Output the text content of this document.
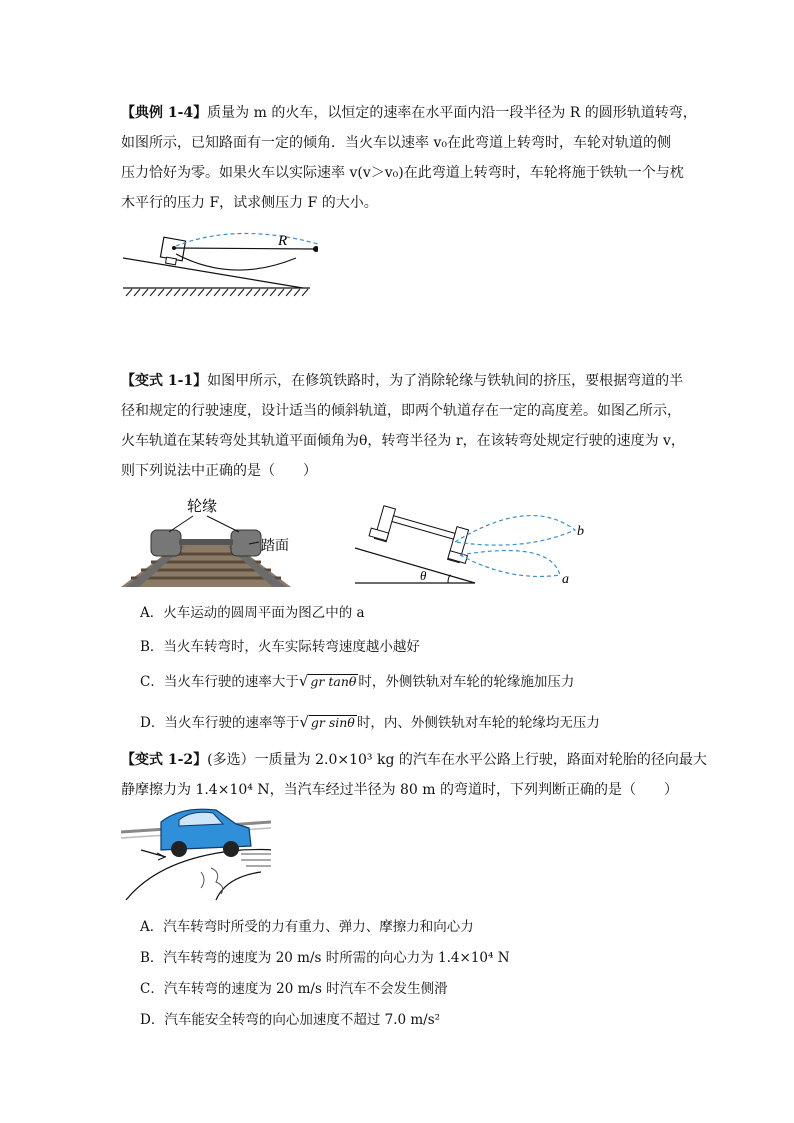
【典例 1-4】质量为 m 的火车，以恒定的速率在水平面内沿一段半径为 R 的圆形轨道转弯，
如图所示，已知路面有一定的倾角．当火车以速率 v₀在此弯道上转弯时，车轮对轨道的侧
压力恰好为零。如果火车以实际速率 v(v＞v₀)在此弯道上转弯时，车轮将施于铁轨一个与枕
木平行的压力 F，试求侧压力 F 的大小。
R
【变式 1-1】如图甲所示，在修筑铁路时，为了消除轮缘与铁轨间的挤压，要根据弯道的半
径和规定的行驶速度，设计适当的倾斜轨道，即两个轨道存在一定的高度差。如图乙所示，
火车轨道在某转弯处其轨道平面倾角为θ，转弯半径为 r，在该转弯处规定行驶的速度为 v，
则下列说法中正确的是（　　）
轮缘
踏面
b
a
θ
A．火车运动的圆周平面为图乙中的 a
B．当火车转弯时，火车实际转弯速度越小越好
C．当火车行驶的速率大于√ gr tanθ 时，外侧铁轨对车轮的轮缘施加压力
D．当火车行驶的速率等于√ gr sinθ 时，内、外侧铁轨对车轮的轮缘均无压力
【变式 1-2】(多选）一质量为 2.0×10³ kg 的汽车在水平公路上行驶，路面对轮胎的径向最大
静摩擦力为 1.4×10⁴ N，当汽车经过半径为 80 m 的弯道时，下列判断正确的是（　　）
A．汽车转弯时所受的力有重力、弹力、摩擦力和向心力
B．汽车转弯的速度为 20 m/s 时所需的向心力为 1.4×10⁴ N
C．汽车转弯的速度为 20 m/s 时汽车不会发生侧滑
D．汽车能安全转弯的向心加速度不超过 7.0 m/s²
